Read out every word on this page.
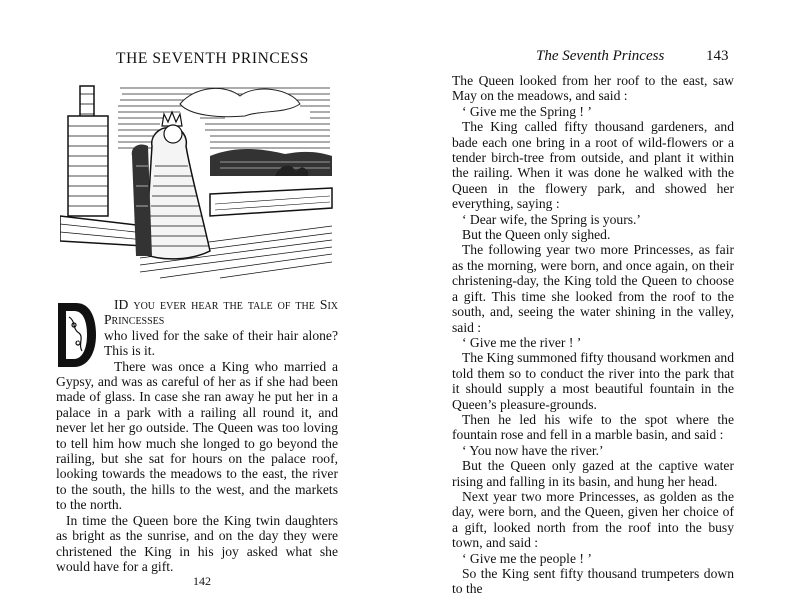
THE SEVENTH PRINCESS
D

ID you ever hear the tale of the Six Princesses

who lived for the sake of their hair alone? This is it.

There was once a King who married a Gypsy, and was as careful of her as if she had been made of glass. In case she ran away he put her in a palace in a park with a railing all round it, and never let her go outside. The Queen was too loving to tell him how much she longed to go beyond the railing, but she sat for hours on the palace roof, looking towards the meadows to the east, the river to the south, the hills to the west, and the markets to the north.

In time the Queen bore the King twin daughters as bright as the sunrise, and on the day they were christened the King in his joy asked what she would have for a gift.

142
The Seventh Princess	143

The Queen looked from her roof to the east, saw May on the meadows, and said :

‘ Give me the Spring ! ’

The King called fifty thousand gardeners, and bade each one bring in a root of wild-flowers or a tender birch-tree from outside, and plant it within the railing. When it was done he walked with the Queen in the flowery park, and showed her everything, saying :

‘ Dear wife, the Spring is yours.’

But the Queen only sighed.

The following year two more Princesses, as fair as the morning, were born, and once again, on their christening-day, the King told the Queen to choose a gift. This time she looked from the roof to the south, and, seeing the water shining in the valley, said :

‘ Give me the river ! ’

The King summoned fifty thousand workmen and told them so to conduct the river into the park that it should supply a most beautiful fountain in the Queen’s pleasure-grounds.

Then he led his wife to the spot where the fountain rose and fell in a marble basin, and said :

‘ You now have the river.’

But the Queen only gazed at the captive water rising and falling in its basin, and hung her head.

Next year two more Princesses, as golden as the day, were born, and the Queen, given her choice of a gift, looked north from the roof into the busy town, and said :

‘ Give me the people ! ’

So the King sent fifty thousand trumpeters down to the
